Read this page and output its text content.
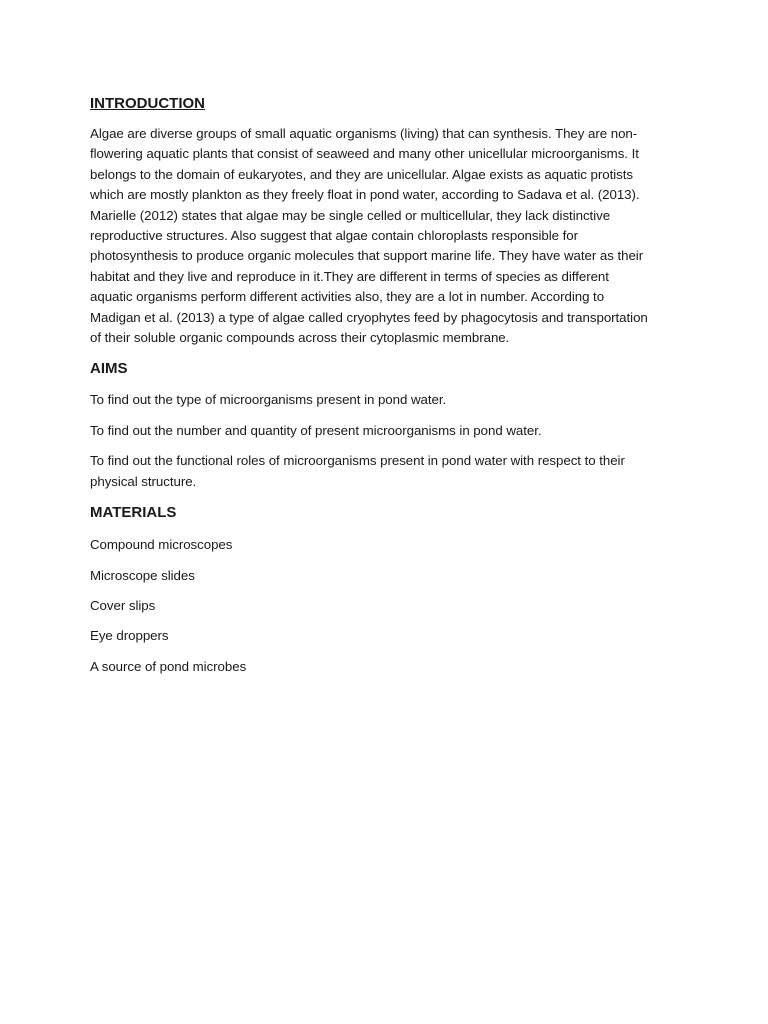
INTRODUCTION

Algae are diverse groups of small aquatic organisms (living) that can synthesis. They are non-
flowering aquatic plants that consist of seaweed and many other unicellular microorganisms. It
belongs to the domain of eukaryotes, and they are unicellular. Algae exists as aquatic protists
which are mostly plankton as they freely float in pond water, according to Sadava et al. (2013).
Marielle (2012) states that algae may be single celled or multicellular, they lack distinctive
reproductive structures. Also suggest that algae contain chloroplasts responsible for
photosynthesis to produce organic molecules that support marine life. They have water as their
habitat and they live and reproduce in it.They are different in terms of species as different
aquatic organisms perform different activities also, they are a lot in number. According to
Madigan et al. (2013) a type of algae called cryophytes feed by phagocytosis and transportation
of their soluble organic compounds across their cytoplasmic membrane.

AIMS

To find out the type of microorganisms present in pond water.

To find out the number and quantity of present microorganisms in pond water.

To find out the functional roles of microorganisms present in pond water with respect to their
physical structure.

MATERIALS

Compound microscopes

Microscope slides

Cover slips

Eye droppers

A source of pond microbes
